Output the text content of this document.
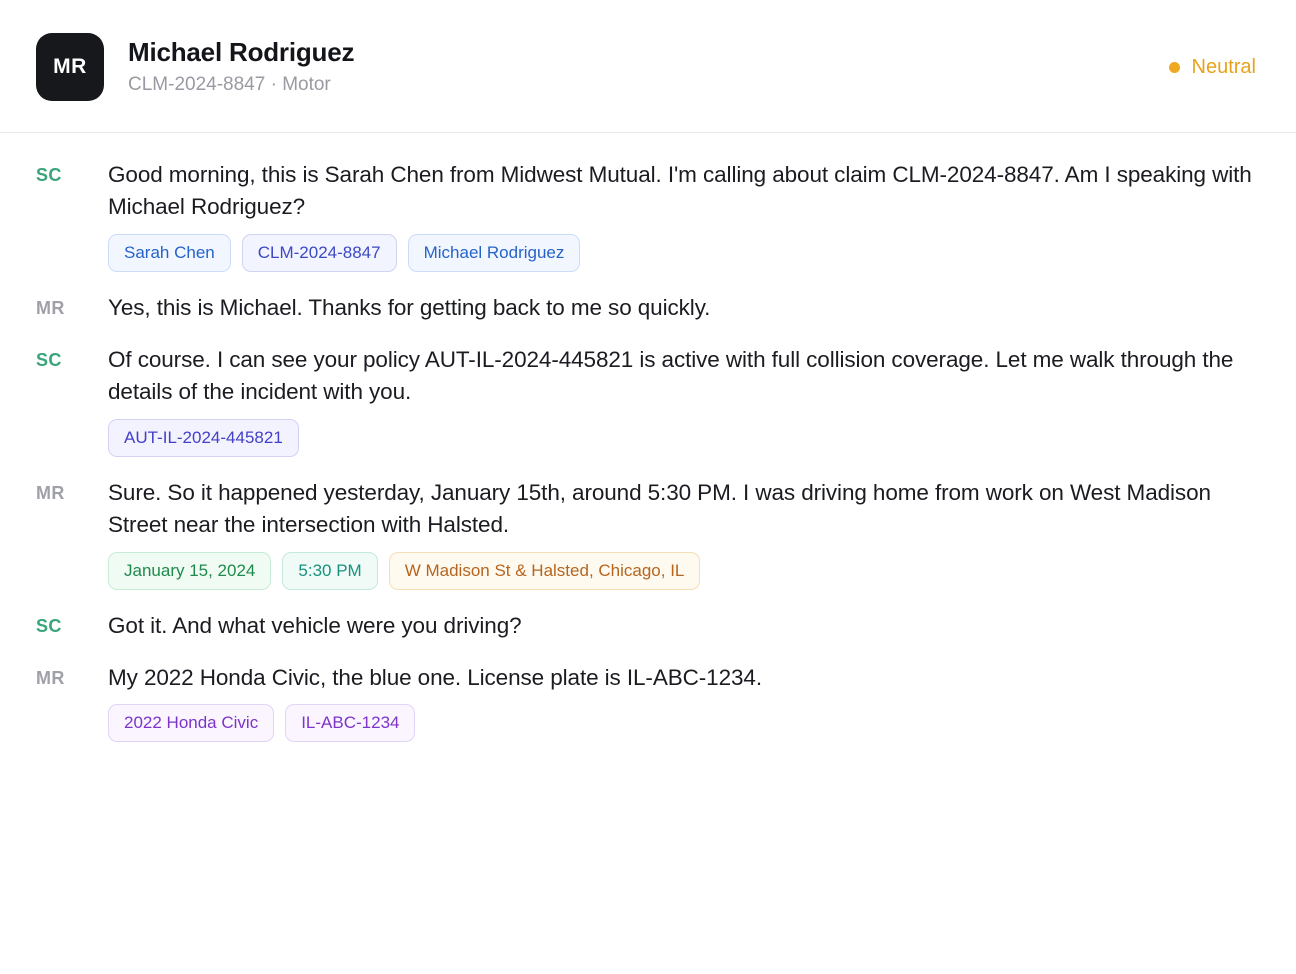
MR	Michael Rodriguez
CLM-2024-8847 · Motor
Neutral
SC	Good morning, this is Sarah Chen from Midwest Mutual. I'm calling about claim CLM-2024-8847. Am I speaking with Michael Rodriguez?
Sarah Chen	CLM-2024-8847	Michael Rodriguez
MR	Yes, this is Michael. Thanks for getting back to me so quickly.
SC	Of course. I can see your policy AUT-IL-2024-445821 is active with full collision coverage. Let me walk through the details of the incident with you.
AUT-IL-2024-445821
MR	Sure. So it happened yesterday, January 15th, around 5:30 PM. I was driving home from work on West Madison Street near the intersection with Halsted.
January 15, 2024	5:30 PM	W Madison St & Halsted, Chicago, IL
SC	Got it. And what vehicle were you driving?
MR	My 2022 Honda Civic, the blue one. License plate is IL-ABC-1234.
2022 Honda Civic	IL-ABC-1234
